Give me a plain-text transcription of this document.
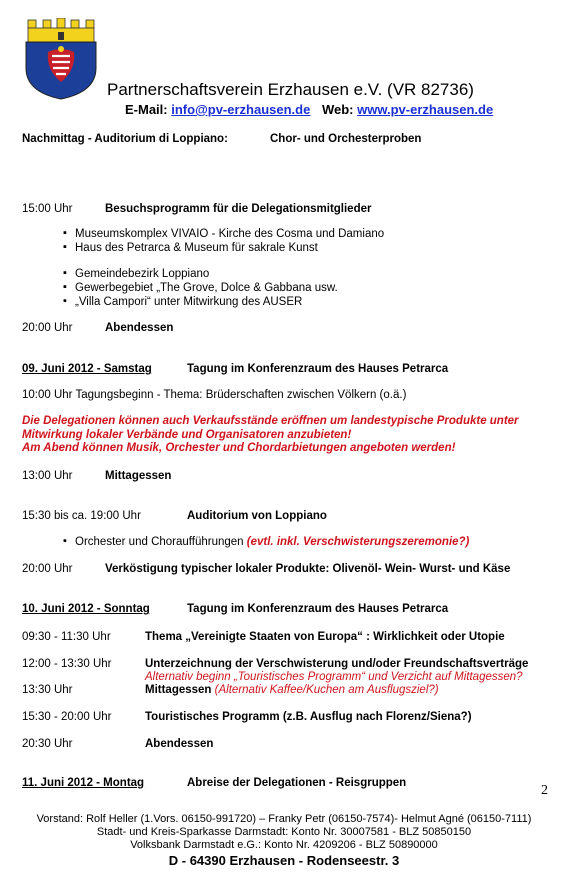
Partnerschaftsverein Erzhausen e.V. (VR 82736)
E-Mail: info@pv-erzhausen.de Web: www.pv-erzhausen.de
Nachmittag - Auditorium di Loppiano:	Chor- und Orchesterproben
15:00 Uhr	Besuchsprogramm für die Delegationsmitglieder
▪ Museumskomplex VIVAIO - Kirche des Cosma und Damiano
▪ Haus des Petrarca & Museum für sakrale Kunst
▪ Gemeindebezirk Loppiano
▪ Gewerbegebiet „The Grove, Dolce & Gabbana usw.
▪ „Villa Campori“ unter Mitwirkung des AUSER
20:00 Uhr	Abendessen
09. Juni 2012 - Samstag	Tagung im Konferenzraum des Hauses Petrarca
10:00 Uhr Tagungsbeginn - Thema: Brüderschaften zwischen Völkern (o.ä.)
Die Delegationen können auch Verkaufsstände eröffnen um landestypische Produkte unter
Mitwirkung lokaler Verbände und Organisatoren anzubieten!
Am Abend können Musik, Orchester und Chordarbietungen angeboten werden!
13:00 Uhr	Mittagessen
15:30 bis ca. 19:00 Uhr	Auditorium von Loppiano
▪ Orchester und Choraufführungen (evtl. inkl. Verschwisterungszeremonie?)
20:00 Uhr	Verköstigung typischer lokaler Produkte: Olivenöl- Wein- Wurst- und Käse
10. Juni 2012 - Sonntag	Tagung im Konferenzraum des Hauses Petrarca
09:30 - 11:30 Uhr	Thema „Vereinigte Staaten von Europa“ : Wirklichkeit oder Utopie
12:00 - 13:30 Uhr	Unterzeichnung der Verschwisterung und/oder Freundschaftsverträge
Alternativ beginn „Touristisches Programm“ und Verzicht auf Mittagessen?
13:30 Uhr	Mittagessen (Alternativ Kaffee/Kuchen am Ausflugsziel?)
15:30 - 20:00 Uhr	Touristisches Programm (z.B. Ausflug nach Florenz/Siena?)
20:30 Uhr	Abendessen
11. Juni 2012 - Montag	Abreise der Delegationen - Reisgruppen	2
Vorstand: Rolf Heller (1.Vors. 06150-991720) – Franky Petr (06150-7574)- Helmut Agné (06150-7111)
Stadt- und Kreis-Sparkasse Darmstadt: Konto Nr. 30007581 - BLZ 50850150
Volksbank Darmstadt e.G.: Konto Nr. 4209206 - BLZ 50890000
D - 64390 Erzhausen - Rodenseestr. 3
